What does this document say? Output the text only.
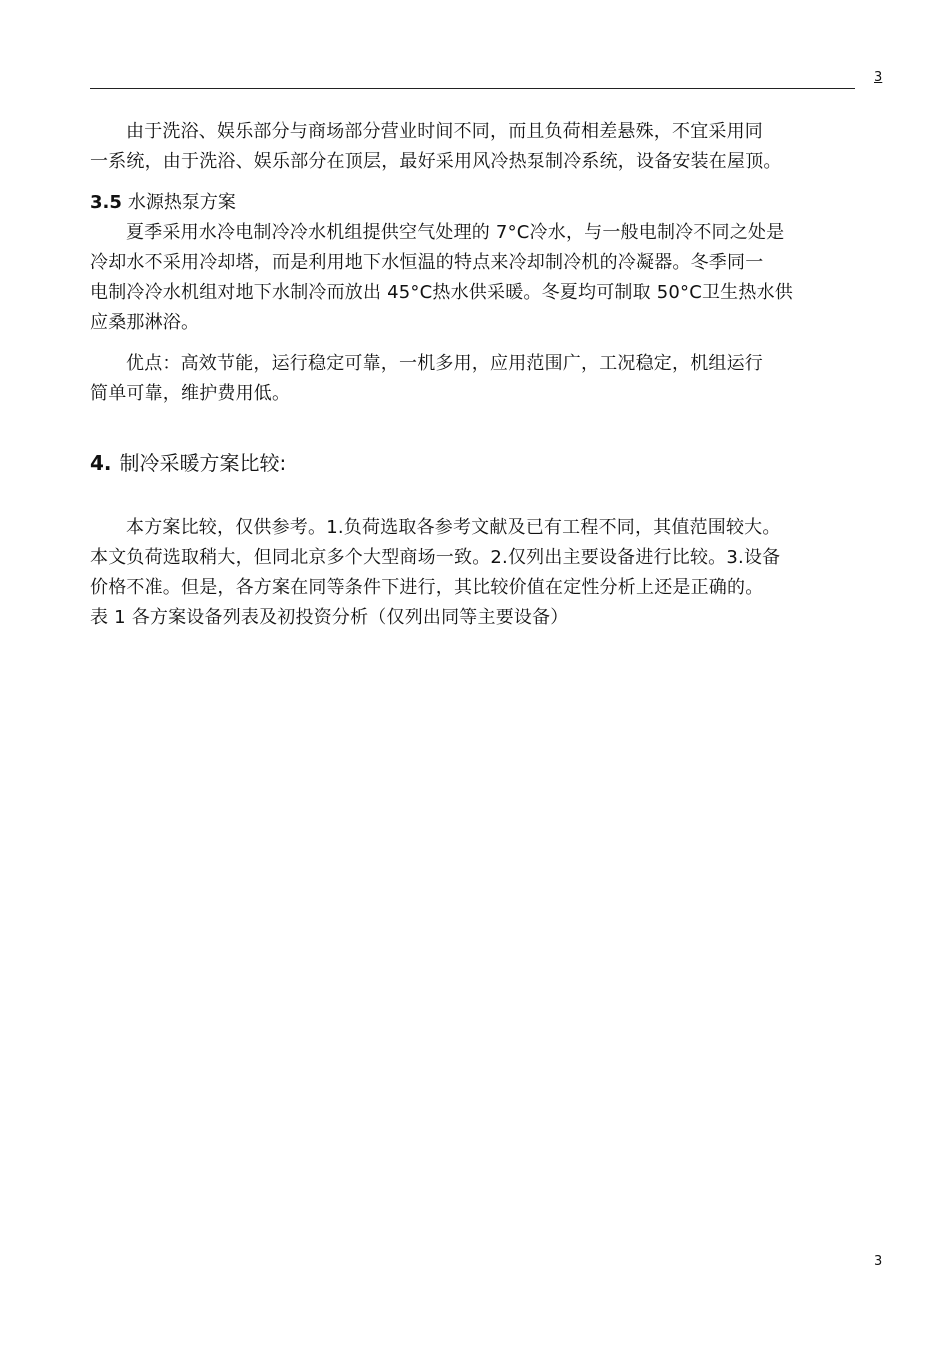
3
由于洗浴、娱乐部分与商场部分营业时间不同，而且负荷相差悬殊，不宜采用同
一系统，由于洗浴、娱乐部分在顶层，最好采用风冷热泵制冷系统，设备安装在屋顶。
3.5 水源热泵方案
夏季采用水冷电制冷冷水机组提供空气处理的 7°C冷水，与一般电制冷不同之处是
冷却水不采用冷却塔，而是利用地下水恒温的特点来冷却制冷机的冷凝器。冬季同一
电制冷冷水机组对地下水制冷而放出 45°C热水供采暖。冬夏均可制取 50°C卫生热水供
应桑那淋浴。
优点：高效节能，运行稳定可靠，一机多用，应用范围广，工况稳定，机组运行
简单可靠，维护费用低。
4. 制冷采暖方案比较:
本方案比较，仅供参考。1.负荷选取各参考文献及已有工程不同，其值范围较大。
本文负荷选取稍大，但同北京多个大型商场一致。2.仅列出主要设备进行比较。3.设备
价格不准。但是，各方案在同等条件下进行，其比较价值在定性分析上还是正确的。
表 1 各方案设备列表及初投资分析（仅列出同等主要设备）
3
